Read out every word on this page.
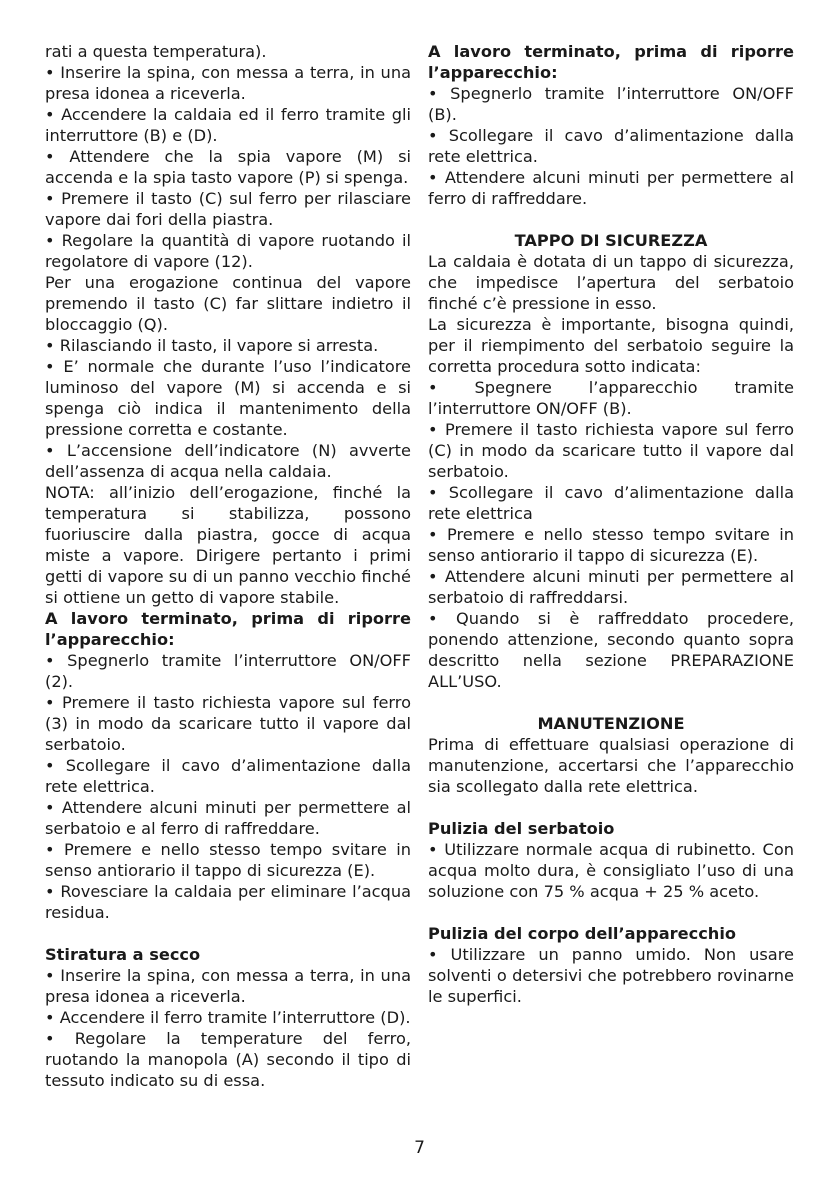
rati a questa temperatura).

• Inserire la spina, con messa a terra, in una presa idonea a riceverla.

• Accendere la caldaia ed il ferro tramite gli interruttore (B) e (D).

• Attendere che la spia vapore (M) si accenda e la spia tasto vapore (P) si spenga.

• Premere il tasto (C) sul ferro per rilasciare vapore dai fori della piastra.

• Regolare la quantità di vapore ruotando il regolatore di vapore (12).

Per una erogazione continua del vapore premendo il tasto (C) far slittare indietro il bloccaggio (Q).

• Rilasciando il tasto, il vapore si arresta.

• E’ normale che durante l’uso l’indicatore luminoso del vapore (M) si accenda e si spenga ciò indica il mantenimento della pressione corretta e costante.

• L’accensione dell’indicatore (N) avverte dell’assenza di acqua nella caldaia.

NOTA: all’inizio dell’erogazione, finché la temperatura si stabilizza, possono fuoriuscire dalla piastra, gocce di acqua miste a vapore. Dirigere pertanto i primi getti di vapore su di un panno vecchio finché si ottiene un getto di vapore stabile.

A lavoro terminato, prima di riporre l’apparecchio:

• Spegnerlo tramite l’interruttore ON/OFF (2).

• Premere il tasto richiesta vapore sul ferro (3) in modo da scaricare tutto il vapore dal serbatoio.

• Scollegare il cavo d’alimentazione dalla rete elettrica.

• Attendere alcuni minuti per permettere al serbatoio e al ferro di raffreddare.

• Premere e nello stesso tempo svitare in senso antiorario il tappo di sicurezza (E).

• Rovesciare la caldaia per eliminare l’acqua residua.

Stiratura a secco

• Inserire la spina, con messa a terra, in una presa idonea a riceverla.

• Accendere il ferro tramite l’interruttore (D).

• Regolare la temperature del ferro, ruotando la manopola (A) secondo il tipo di tessuto indicato su di essa.

A lavoro terminato, prima di riporre l’apparecchio:

• Spegnerlo tramite l’interruttore ON/OFF (B).

• Scollegare il cavo d’alimentazione dalla rete elettrica.

• Attendere alcuni minuti per permettere al ferro di raffreddare.

TAPPO DI SICUREZZA

La caldaia è dotata di un tappo di sicurezza, che impedisce l’apertura del serbatoio finché c’è pressione in esso.

La sicurezza è importante, bisogna quindi, per il riempimento del serbatoio seguire la corretta procedura sotto indicata:

• Spegnere l’apparecchio tramite l’interruttore ON/OFF (B).

• Premere il tasto richiesta vapore sul ferro (C) in modo da scaricare tutto il vapore dal serbatoio.

• Scollegare il cavo d’alimentazione dalla rete elettrica

• Premere e nello stesso tempo svitare in senso antiorario il tappo di sicurezza (E).

• Attendere alcuni minuti per permettere al serbatoio di raffreddarsi.

• Quando si è raffreddato procedere, ponendo attenzione, secondo quanto sopra descritto nella sezione PREPARAZIONE ALL’USO.

MANUTENZIONE

Prima di effettuare qualsiasi operazione di manutenzione, accertarsi che l’apparecchio sia scollegato dalla rete elettrica.

Pulizia del serbatoio

• Utilizzare normale acqua di rubinetto. Con acqua molto dura, è consigliato l’uso di una soluzione con 75 % acqua + 25 % aceto.

Pulizia del corpo dell’apparecchio

• Utilizzare un panno umido. Non usare solventi o detersivi che potrebbero rovinarne le superfici.

7
